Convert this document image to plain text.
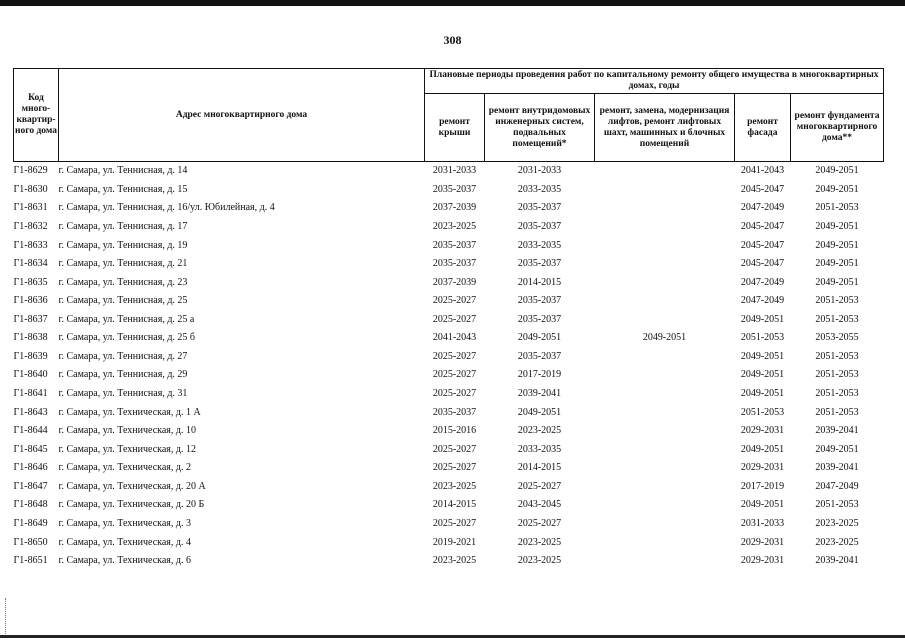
308
Код много-квартир-ного дома	Адрес многоквартирного дома	Плановые периоды проведения работ по капитальному ремонту общего имущества в многоквартирных домах, годы				
		ремонт крыши	ремонт внутридомовых инженерных систем, подвальных помещений*	ремонт, замена, модернизация лифтов, ремонт лифтовых шахт, машинных и блочных помещений	ремонт фасада	ремонт фундамента многоквартирного дома**
Г1-8629	г. Самара, ул. Теннисная, д. 14	2031-2033	2031-2033		2041-2043	2049-2051
Г1-8630	г. Самара, ул. Теннисная, д. 15	2035-2037	2033-2035		2045-2047	2049-2051
Г1-8631	г. Самара, ул. Теннисная, д. 16/ул. Юбилейная, д. 4	2037-2039	2035-2037		2047-2049	2051-2053
Г1-8632	г. Самара, ул. Теннисная, д. 17	2023-2025	2035-2037		2045-2047	2049-2051
Г1-8633	г. Самара, ул. Теннисная, д. 19	2035-2037	2033-2035		2045-2047	2049-2051
Г1-8634	г. Самара, ул. Теннисная, д. 21	2035-2037	2035-2037		2045-2047	2049-2051
Г1-8635	г. Самара, ул. Теннисная, д. 23	2037-2039	2014-2015		2047-2049	2049-2051
Г1-8636	г. Самара, ул. Теннисная, д. 25	2025-2027	2035-2037		2047-2049	2051-2053
Г1-8637	г. Самара, ул. Теннисная, д. 25 а	2025-2027	2035-2037		2049-2051	2051-2053
Г1-8638	г. Самара, ул. Теннисная, д. 25 б	2041-2043	2049-2051	2049-2051	2051-2053	2053-2055
Г1-8639	г. Самара, ул. Теннисная, д. 27	2025-2027	2035-2037		2049-2051	2051-2053
Г1-8640	г. Самара, ул. Теннисная, д. 29	2025-2027	2017-2019		2049-2051	2051-2053
Г1-8641	г. Самара, ул. Теннисная, д. 31	2025-2027	2039-2041		2049-2051	2051-2053
Г1-8643	г. Самара, ул. Техническая, д. 1 А	2035-2037	2049-2051		2051-2053	2051-2053
Г1-8644	г. Самара, ул. Техническая, д. 10	2015-2016	2023-2025		2029-2031	2039-2041
Г1-8645	г. Самара, ул. Техническая, д. 12	2025-2027	2033-2035		2049-2051	2049-2051
Г1-8646	г. Самара, ул. Техническая, д. 2	2025-2027	2014-2015		2029-2031	2039-2041
Г1-8647	г. Самара, ул. Техническая, д. 20 А	2023-2025	2025-2027		2017-2019	2047-2049
Г1-8648	г. Самара, ул. Техническая, д. 20 Б	2014-2015	2043-2045		2049-2051	2051-2053
Г1-8649	г. Самара, ул. Техническая, д. 3	2025-2027	2025-2027		2031-2033	2023-2025
Г1-8650	г. Самара, ул. Техническая, д. 4	2019-2021	2023-2025		2029-2031	2023-2025
Г1-8651	г. Самара, ул. Техническая, д. 6	2023-2025	2023-2025		2029-2031	2039-2041
